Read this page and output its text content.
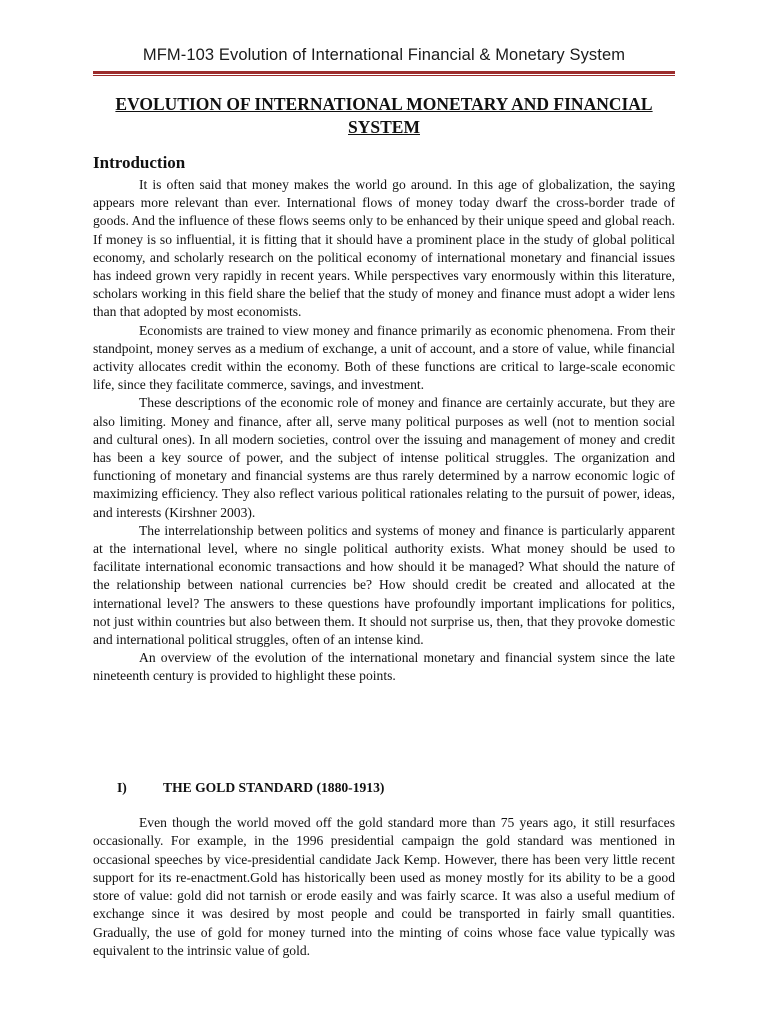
MFM-103 Evolution of International Financial & Monetary System
EVOLUTION OF INTERNATIONAL MONETARY AND FINANCIAL SYSTEM
Introduction

It is often said that money makes the world go around. In this age of globalization, the saying appears more relevant than ever. International flows of money today dwarf the cross-border trade of goods. And the influence of these flows seems only to be enhanced by their unique speed and global reach. If money is so influential, it is fitting that it should have a prominent place in the study of global political economy, and scholarly research on the political economy of international monetary and financial issues has indeed grown very rapidly in recent years. While perspectives vary enormously within this literature, scholars working in this field share the belief that the study of money and finance must adopt a wider lens than that adopted by most economists.

Economists are trained to view money and finance primarily as economic phenomena. From their standpoint, money serves as a medium of exchange, a unit of account, and a store of value, while financial activity allocates credit within the economy. Both of these functions are critical to large-scale economic life, since they facilitate commerce, savings, and investment.

These descriptions of the economic role of money and finance are certainly accurate, but they are also limiting. Money and finance, after all, serve many political purposes as well (not to mention social and cultural ones). In all modern societies, control over the issuing and management of money and credit has been a key source of power, and the subject of intense political struggles. The organization and functioning of monetary and financial systems are thus rarely determined by a narrow economic logic of maximizing efficiency. They also reflect various political rationales relating to the pursuit of power, ideas, and interests (Kirshner 2003).

The interrelationship between politics and systems of money and finance is particularly apparent at the international level, where no single political authority exists. What money should be used to facilitate international economic transactions and how should it be managed? What should the nature of the relationship between national currencies be? How should credit be created and allocated at the international level? The answers to these questions have profoundly important implications for politics, not just within countries but also between them. It should not surprise us, then, that they provoke domestic and international political struggles, often of an intense kind.

An overview of the evolution of the international monetary and financial system since the late nineteenth century is provided to highlight these points.

I)	THE GOLD STANDARD (1880-1913)

Even though the world moved off the gold standard more than 75 years ago, it still resurfaces occasionally. For example, in the 1996 presidential campaign the gold standard was mentioned in occasional speeches by vice-presidential candidate Jack Kemp. However, there has been very little recent support for its re-enactment.Gold has historically been used as money mostly for its ability to be a good store of value: gold did not tarnish or erode easily and was fairly scarce. It was also a useful medium of exchange since it was desired by most people and could be transported in fairly small quantities. Gradually, the use of gold for money turned into the minting of coins whose face value typically was equivalent to the intrinsic value of gold.
